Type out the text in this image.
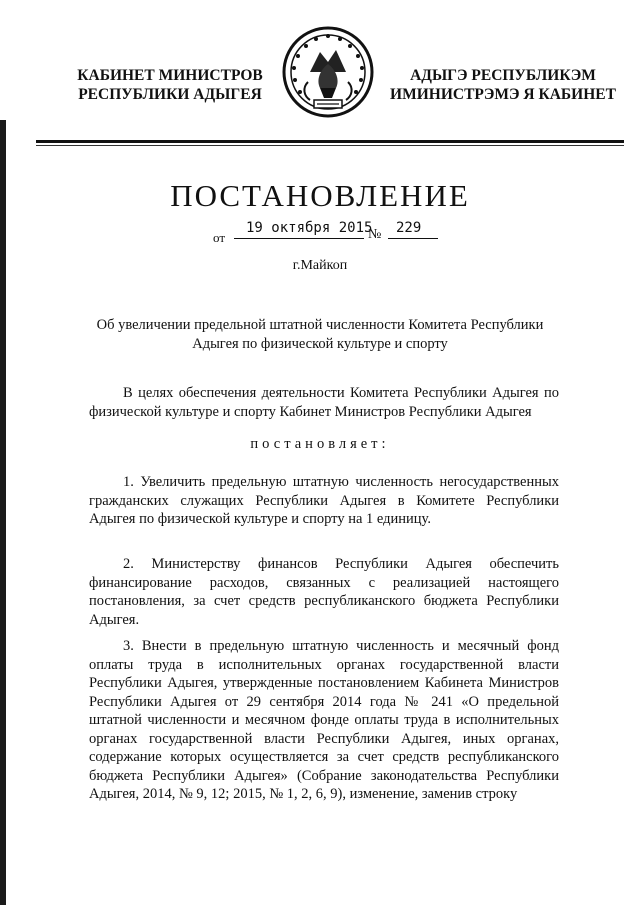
КАБИНЕТ МИНИСТРОВ
РЕСПУБЛИКИ АДЫГЕЯ
АДЫГЭ РЕСПУБЛИКЭМ
ИМИНИСТРЭМЭ Я КАБИНЕТ
ПОСТАНОВЛЕНИЕ
от
19 октября 2015
№ 229
г.Майкоп
Об увеличении предельной штатной численности Комитета Республики Адыгея по физической культуре и спорту
В целях обеспечения деятельности Комитета Республики Адыгея по физической культуре и спорту Кабинет Министров Республики Адыгея
постановляет:
1. Увеличить предельную штатную численность негосударственных гражданских служащих Республики Адыгея в Комитете Республики Адыгея по физической культуре и спорту на 1 единицу.
2. Министерству финансов Республики Адыгея обеспечить финансирование расходов, связанных с реализацией настоящего постановления, за счет средств республиканского бюджета Республики Адыгея.
3. Внести в предельную штатную численность и месячный фонд оплаты труда в исполнительных органах государственной власти Республики Адыгея, утвержденные постановлением Кабинета Министров Республики Адыгея от 29 сентября 2014 года № 241 «О предельной штатной численности и месячном фонде оплаты труда в исполнительных органах государственной власти Республики Адыгея, иных органах, содержание которых осуществляется за счет средств республиканского бюджета Республики Адыгея» (Собрание законодательства Республики Адыгея, 2014, № 9, 12; 2015, № 1, 2, 6, 9), изменение, заменив строку
